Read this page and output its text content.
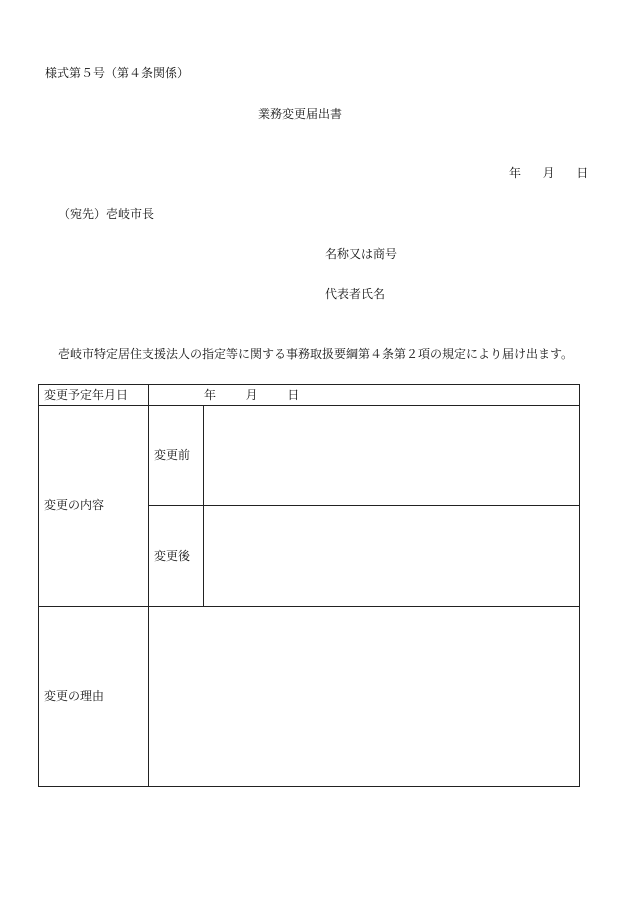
様式第５号（第４条関係）
業務変更届出書
年 月 日
（宛先）壱岐市長
名称又は商号
代表者氏名
壱岐市特定居住支援法人の指定等に関する事務取扱要綱第４条第２項の規定により届け出ます。
変更予定年月日	年 月 日
変更の内容
変更前
変更後
変更の理由
